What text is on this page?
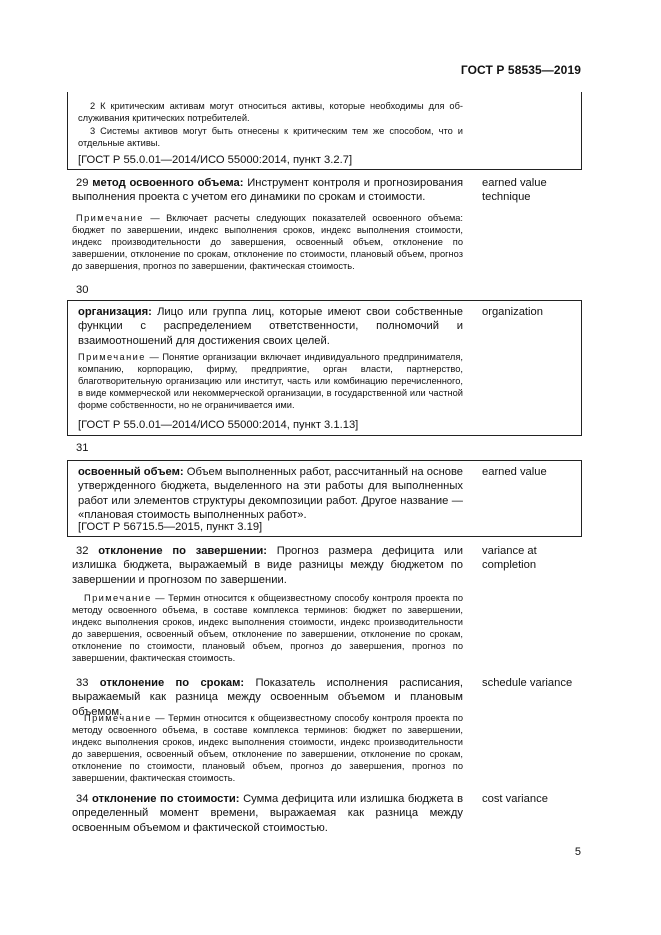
ГОСТ Р 58535—2019
2 К критическим активам могут относиться активы, которые необходимы для об-служивания критических потребителей.
3 Системы активов могут быть отнесены к критическим тем же способом, что и отдельные активы.
[ГОСТ Р 55.0.01—2014/ИСО 55000:2014, пункт 3.2.7]
29 метод освоенного объема: Инструмент контроля и прогнозирования выполнения проекта с учетом его динамики по срокам и стоимости.
earned value technique
Примечание — Включает расчеты следующих показателей освоенного объема: бюджет по завершении, индекс выполнения сроков, индекс выполнения стоимости, индекс производительности до завершения, освоенный объем, отклонение по завершении, отклонение по срокам, отклонение по стоимости, плановый объем, прогноз до завершения, прогноз по завершении, фактическая стоимость.
30
организация: Лицо или группа лиц, которые имеют свои собственные функции с распределением ответственности, полномочий и взаимоотношений для достижения своих целей.
organization
Примечание — Понятие организации включает индивидуального предпринимателя, компанию, корпорацию, фирму, предприятие, орган власти, партнерство, благотворительную организацию или институт, часть или комбинацию перечисленного, в виде коммерческой или некоммерческой организации, в государственной или частной форме собственности, но не ограничивается ими.
[ГОСТ Р 55.0.01—2014/ИСО 55000:2014, пункт 3.1.13]
31
освоенный объем: Объем выполненных работ, рассчитанный на основе утвержденного бюджета, выделенного на эти работы для выполненных работ или элементов структуры декомпозиции работ. Другое название — «плановая стоимость выполненных работ».
earned value
[ГОСТ Р 56715.5—2015, пункт 3.19]
32 отклонение по завершении: Прогноз размера дефицита или излишка бюджета, выражаемый в виде разницы между бюджетом по завершении и прогнозом по завершении.
variance at completion
Примечание — Термин относится к общеизвестному способу контроля проекта по методу освоенного объема, в составе комплекса терминов: бюджет по завершении, индекс выполнения сроков, индекс выполнения стоимости, индекс производительности до завершения, освоенный объем, отклонение по завершении, отклонение по срокам, отклонение по стоимости, плановый объем, прогноз до завершения, прогноз по завершении, фактическая стоимость.
33 отклонение по срокам: Показатель исполнения расписания, выражаемый как разница между освоенным объемом и плановым объемом.
schedule variance
Примечание — Термин относится к общеизвестному способу контроля проекта по методу освоенного объема, в составе комплекса терминов: бюджет по завершении, индекс выполнения сроков, индекс выполнения стоимости, индекс производительности до завершения, освоенный объем, отклонение по завершении, отклонение по срокам, отклонение по стоимости, плановый объем, прогноз до завершения, прогноз по завершении, фактическая стоимость.
34 отклонение по стоимости: Сумма дефицита или излишка бюджета в определенный момент времени, выражаемая как разница между освоенным объемом и фактической стоимостью.
cost variance
5
